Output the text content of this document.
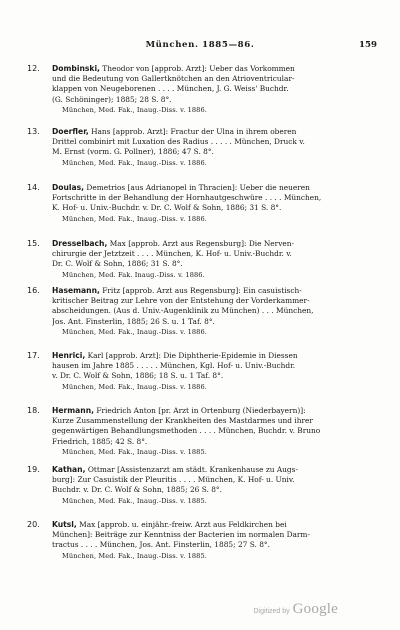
München. 1885—86.	159
12.	Dombinski, Theodor von [approb. Arzt]: Ueber das Vorkommen
und die Bedeutung von Gallertknötchen an den Atrioventricular-
klappen von Neugeborenen . . . . München, J. G. Weiss' Buchdr.
(G. Schöninger); 1885; 28 S. 8°.
München, Med. Fak., Inaug.-Diss. v. 1886.
13.	Doerfler, Hans [approb. Arzt]: Fractur der Ulna in ihrem oberen
Drittel combinirt mit Luxation des Radius . . . . . München, Druck v.
M. Ernst (vorm. G. Pollner), 1886; 47 S. 8°.
München, Med. Fak., Inaug.-Diss. v. 1886.
14.	Doulas, Demetrios [aus Adrianopel in Thracien]: Ueber die neueren
Fortschritte in der Behandlung der Hornhautgeschwüre . . . . München,
K. Hof- u. Univ.-Buchdr. v. Dr. C. Wolf & Sohn, 1886; 31 S. 8°.
München, Med. Fak., Inaug.-Diss. v. 1886.
15.	Dresselbach, Max [approb. Arzt aus Regensburg]: Die Nerven-
chirurgie der Jetztzeit . . . . München, K. Hof- u. Univ.-Buchdr. v.
Dr. C. Wolf & Sohn, 1886; 31 S. 8°.
München, Med. Fak. Inaug.-Diss. v. 1886.
16.	Hasemann, Fritz [approb. Arzt aus Regensburg]: Ein casuistisch-
kritischer Beitrag zur Lehre von der Entstehung der Vorderkammer-
abscheidungen. (Aus d. Univ.-Augenklinik zu München) . . . München,
Jos. Ant. Finsterlin, 1885; 26 S. u. 1 Taf. 8°.
München, Med. Fak., Inaug.-Diss. v. 1886.
17.	Henrici, Karl [approb. Arzt]: Die Diphtherie-Epidemie in Diessen
hausen im Jahre 1885 . . . . . München, Kgl. Hof- u. Univ.-Buchdr.
v. Dr. C. Wolf & Sohn, 1886; 18 S. u. 1 Taf. 8°.
München, Med. Fak., Inaug.-Diss. v. 1886.
18.	Hermann, Friedrich Anton [pr. Arzt in Ortenburg (Niederbayern)]:
Kurze Zusammenstellung der Krankheiten des Mastdarmes und ihrer
gegenwärtigen Behandlungsmethoden . . . . München, Buchdr. v. Bruno
Friedrich, 1885; 42 S. 8°.
München, Med. Fak., Inaug.-Diss. v. 1885.
19.	Kathan, Ottmar [Assistenzarzt am städt. Krankenhause zu Augs-
burg]: Zur Casuistik der Pleuritis . . . . München, K. Hof- u. Univ.
Buchdr. v. Dr. C. Wolf & Sohn, 1885; 26 S. 8°.
München, Med. Fak., Inaug.-Diss. v. 1885.
20.	Kutsl, Max [approb. u. einjähr.-freiw. Arzt aus Feldkirchen bei
München]: Beiträge zur Kenntniss der Bacterien im normalen Darm-
tractus . . . . München, Jos. Ant. Finsterlin, 1885; 27 S. 8°.
München, Med. Fak., Inaug.-Diss. v. 1885.
Digitized by Google
